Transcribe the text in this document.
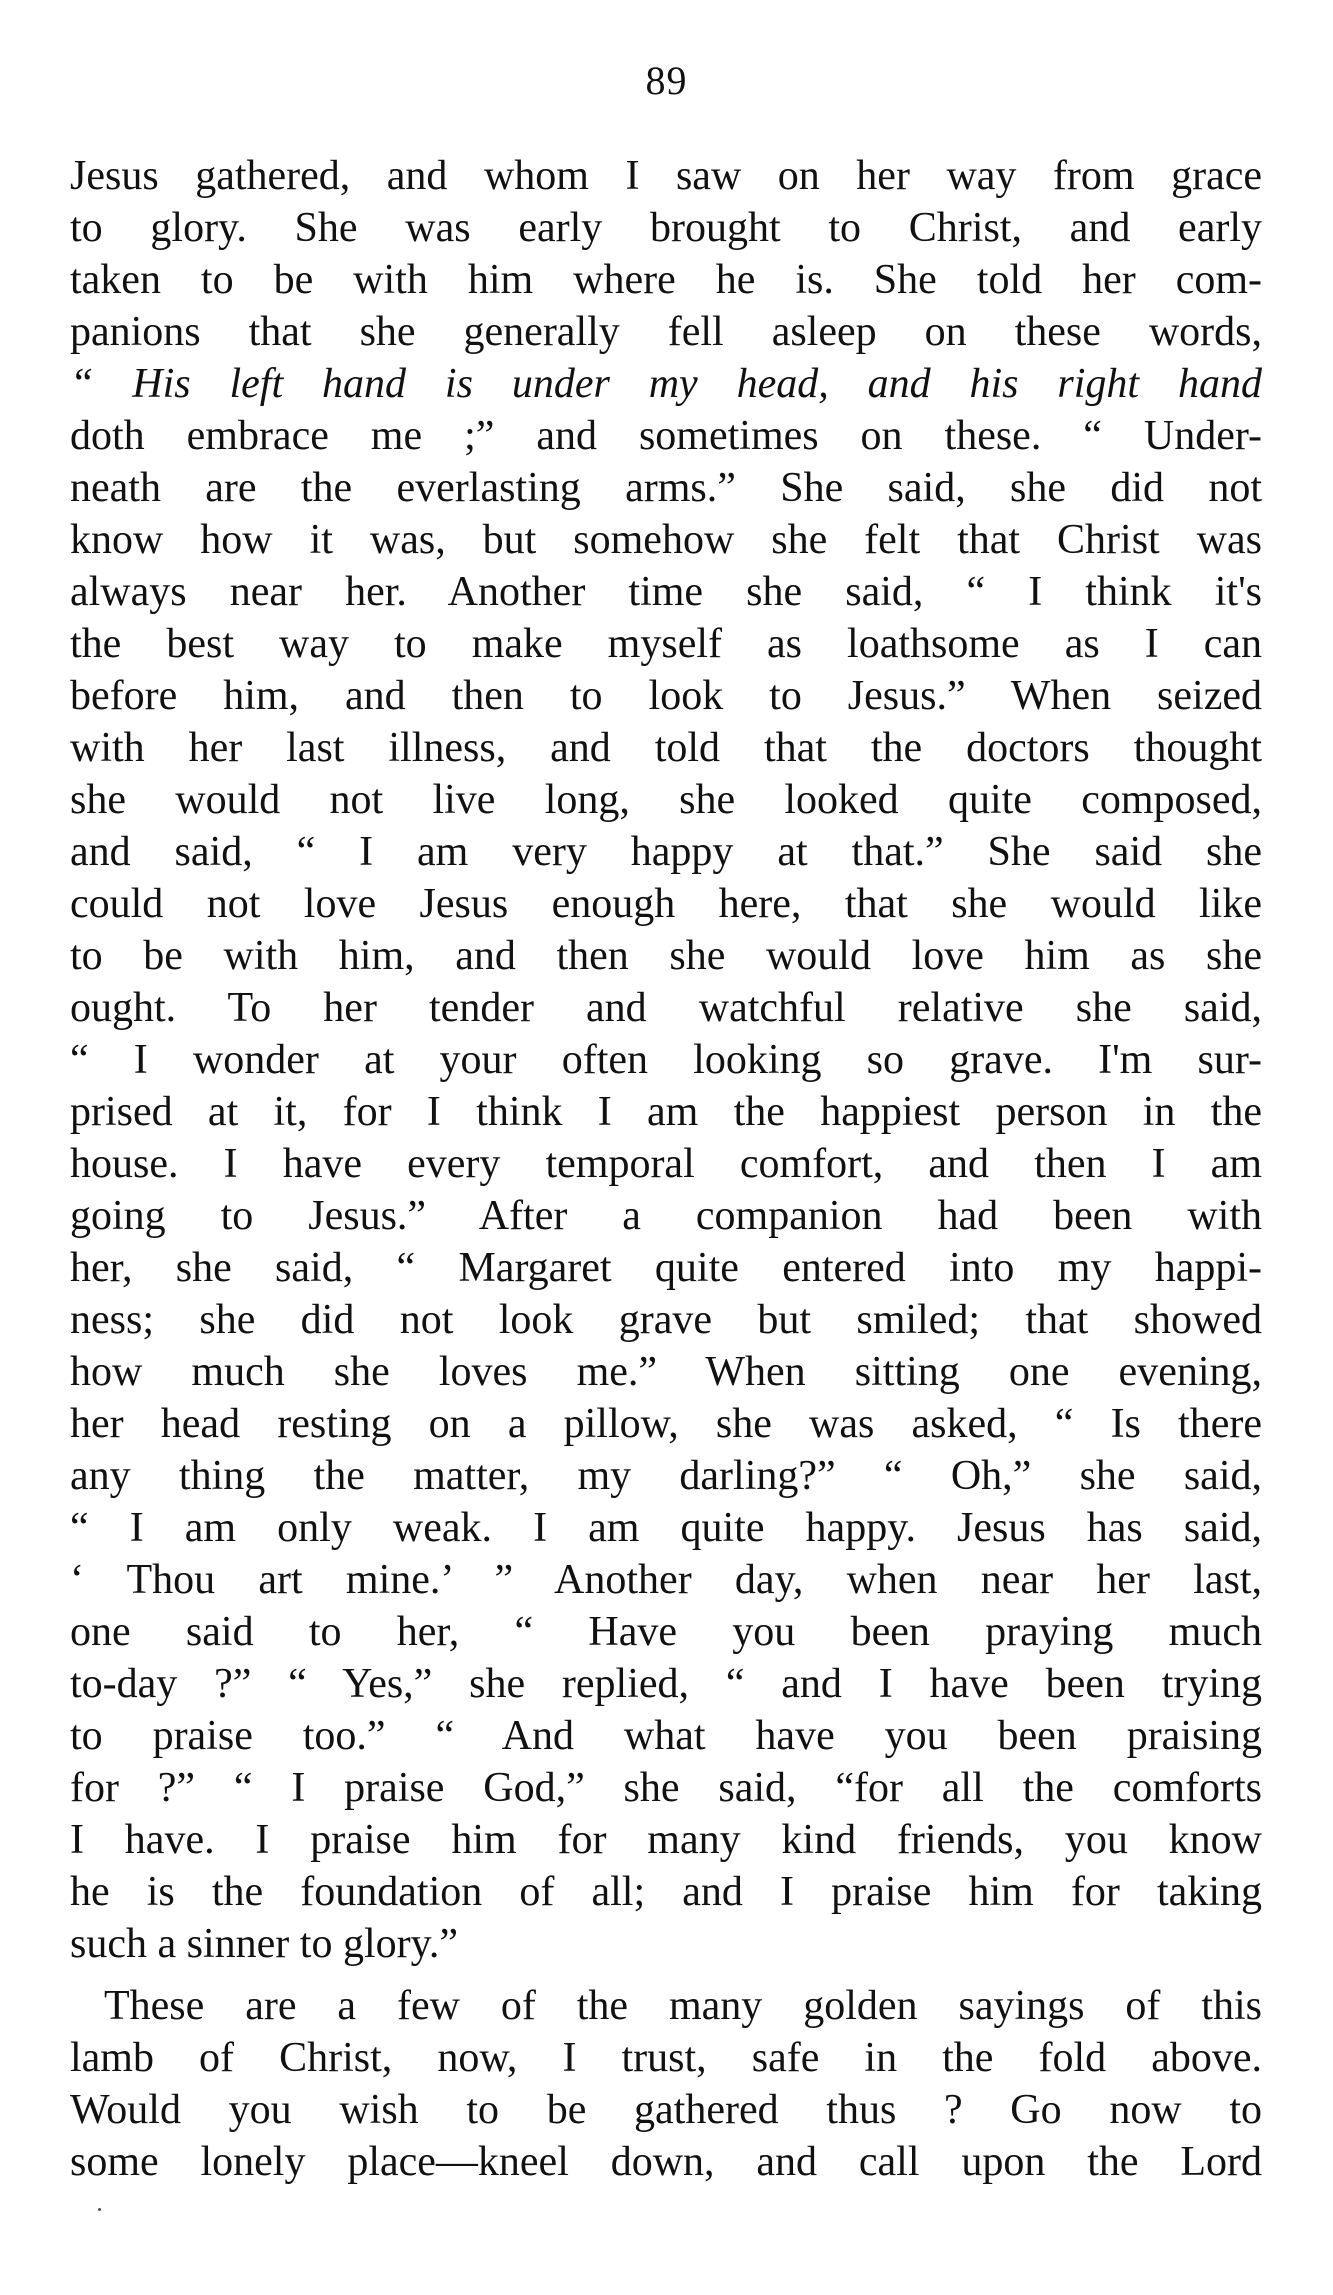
89
Jesus gathered, and whom I saw on her way from grace
to glory. She was early brought to Christ, and early
taken to be with him where he is. She told her com-
panions that she generally fell asleep on these words,
“ His left hand is under my head, and his right hand
doth embrace me ;” and sometimes on these. “ Under-
neath are the everlasting arms.” She said, she did not
know how it was, but somehow she felt that Christ was
always near her. Another time she said, “ I think it's
the best way to make myself as loathsome as I can
before him, and then to look to Jesus.” When seized
with her last illness, and told that the doctors thought
she would not live long, she looked quite composed,
and said, “ I am very happy at that.” She said she
could not love Jesus enough here, that she would like
to be with him, and then she would love him as she
ought. To her tender and watchful relative she said,
“ I wonder at your often looking so grave. I'm sur-
prised at it, for I think I am the happiest person in the
house. I have every temporal comfort, and then I am
going to Jesus.” After a companion had been with
her, she said, “ Margaret quite entered into my happi-
ness; she did not look grave but smiled; that showed
how much she loves me.” When sitting one evening,
her head resting on a pillow, she was asked, “ Is there
any thing the matter, my darling?” “ Oh,” she said,
“ I am only weak. I am quite happy. Jesus has said,
‘ Thou art mine.’ ” Another day, when near her last,
one said to her, “ Have you been praying much
to-day ?” “ Yes,” she replied, “ and I have been trying
to praise too.” “ And what have you been praising
for ?” “ I praise God,” she said, “for all the comforts
I have. I praise him for many kind friends, you know
he is the foundation of all; and I praise him for taking
such a sinner to glory.”
These are a few of the many golden sayings of this
lamb of Christ, now, I trust, safe in the fold above.
Would you wish to be gathered thus ? Go now to
some lonely place—kneel down, and call upon the Lord
